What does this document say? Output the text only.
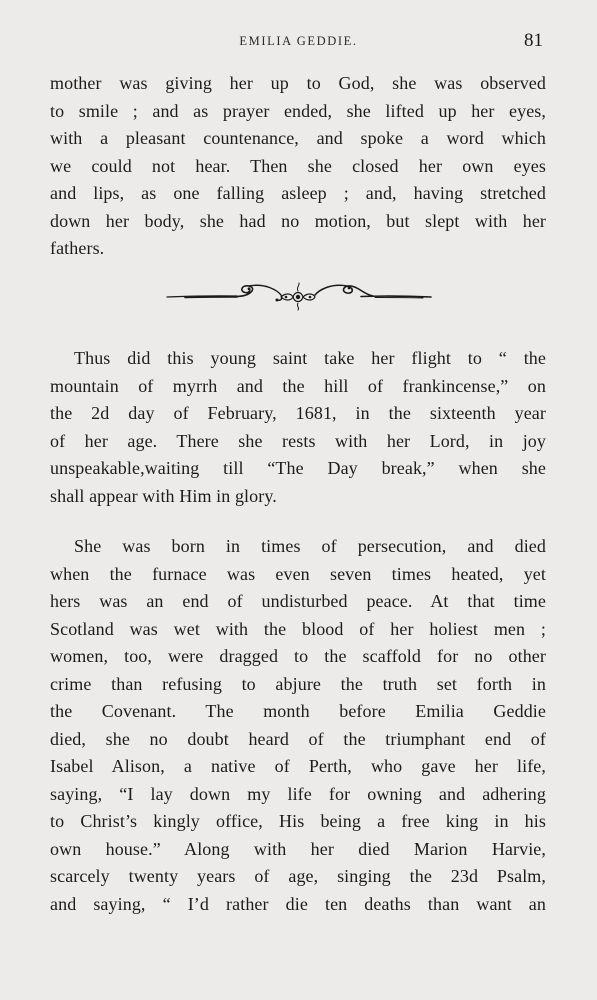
EMILIA GEDDIE.	81
mother was giving her up to God, she was observed
to smile ; and as prayer ended, she lifted up her eyes,
with a pleasant countenance, and spoke a word which
we could not hear. Then she closed her own eyes
and lips, as one falling asleep ; and, having stretched
down her body, she had no motion, but slept with her
fathers.
Thus did this young saint take her flight to “ the
mountain of myrrh and the hill of frankincense,” on
the 2d day of February, 1681, in the sixteenth year
of her age. There she rests with her Lord, in joy
unspeakable,waiting till “The Day break,” when she
shall appear with Him in glory.
She was born in times of persecution, and died
when the furnace was even seven times heated, yet
hers was an end of undisturbed peace. At that time
Scotland was wet with the blood of her holiest men ;
women, too, were dragged to the scaffold for no other
crime than refusing to abjure the truth set forth in
the Covenant. The month before Emilia Geddie
died, she no doubt heard of the triumphant end of
Isabel Alison, a native of Perth, who gave her life,
saying, “I lay down my life for owning and adhering
to Christ’s kingly office, His being a free king in his
own house.” Along with her died Marion Harvie,
scarcely twenty years of age, singing the 23d Psalm,
and saying, “ I’d rather die ten deaths than want an
